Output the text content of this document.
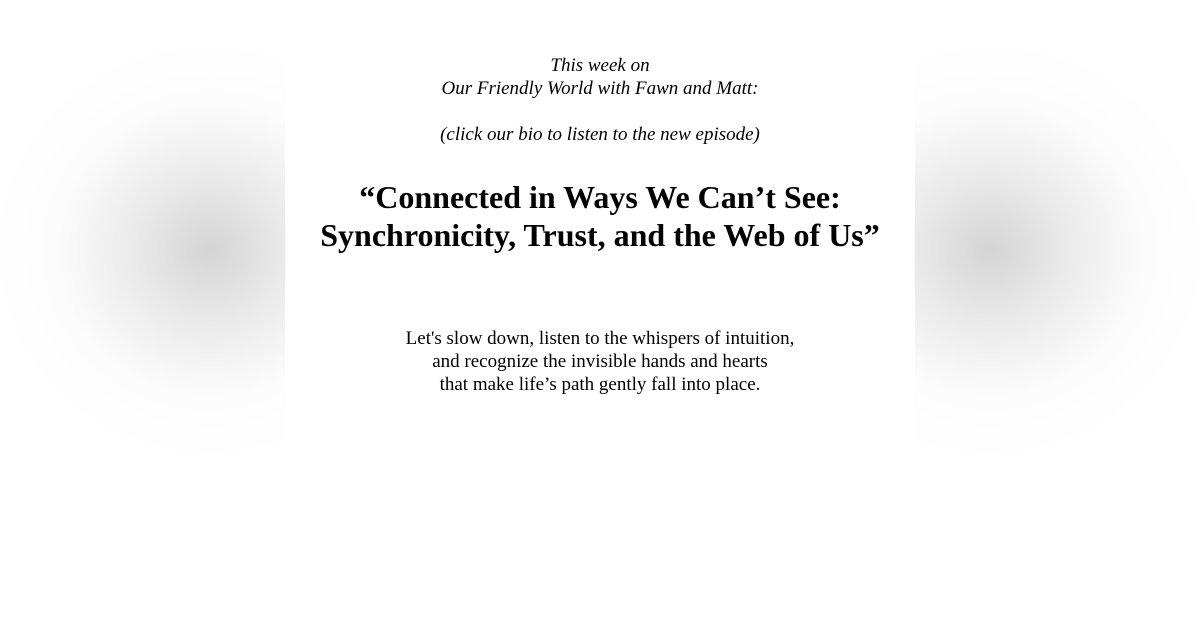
This week on
Our Friendly World with Fawn and Matt:
(click our bio to listen to the new episode)
“Connected in Ways We Can’t See:
Synchronicity, Trust, and the Web of Us”
Let's slow down, listen to the whispers of intuition,
and recognize the invisible hands and hearts
that make life’s path gently fall into place.
